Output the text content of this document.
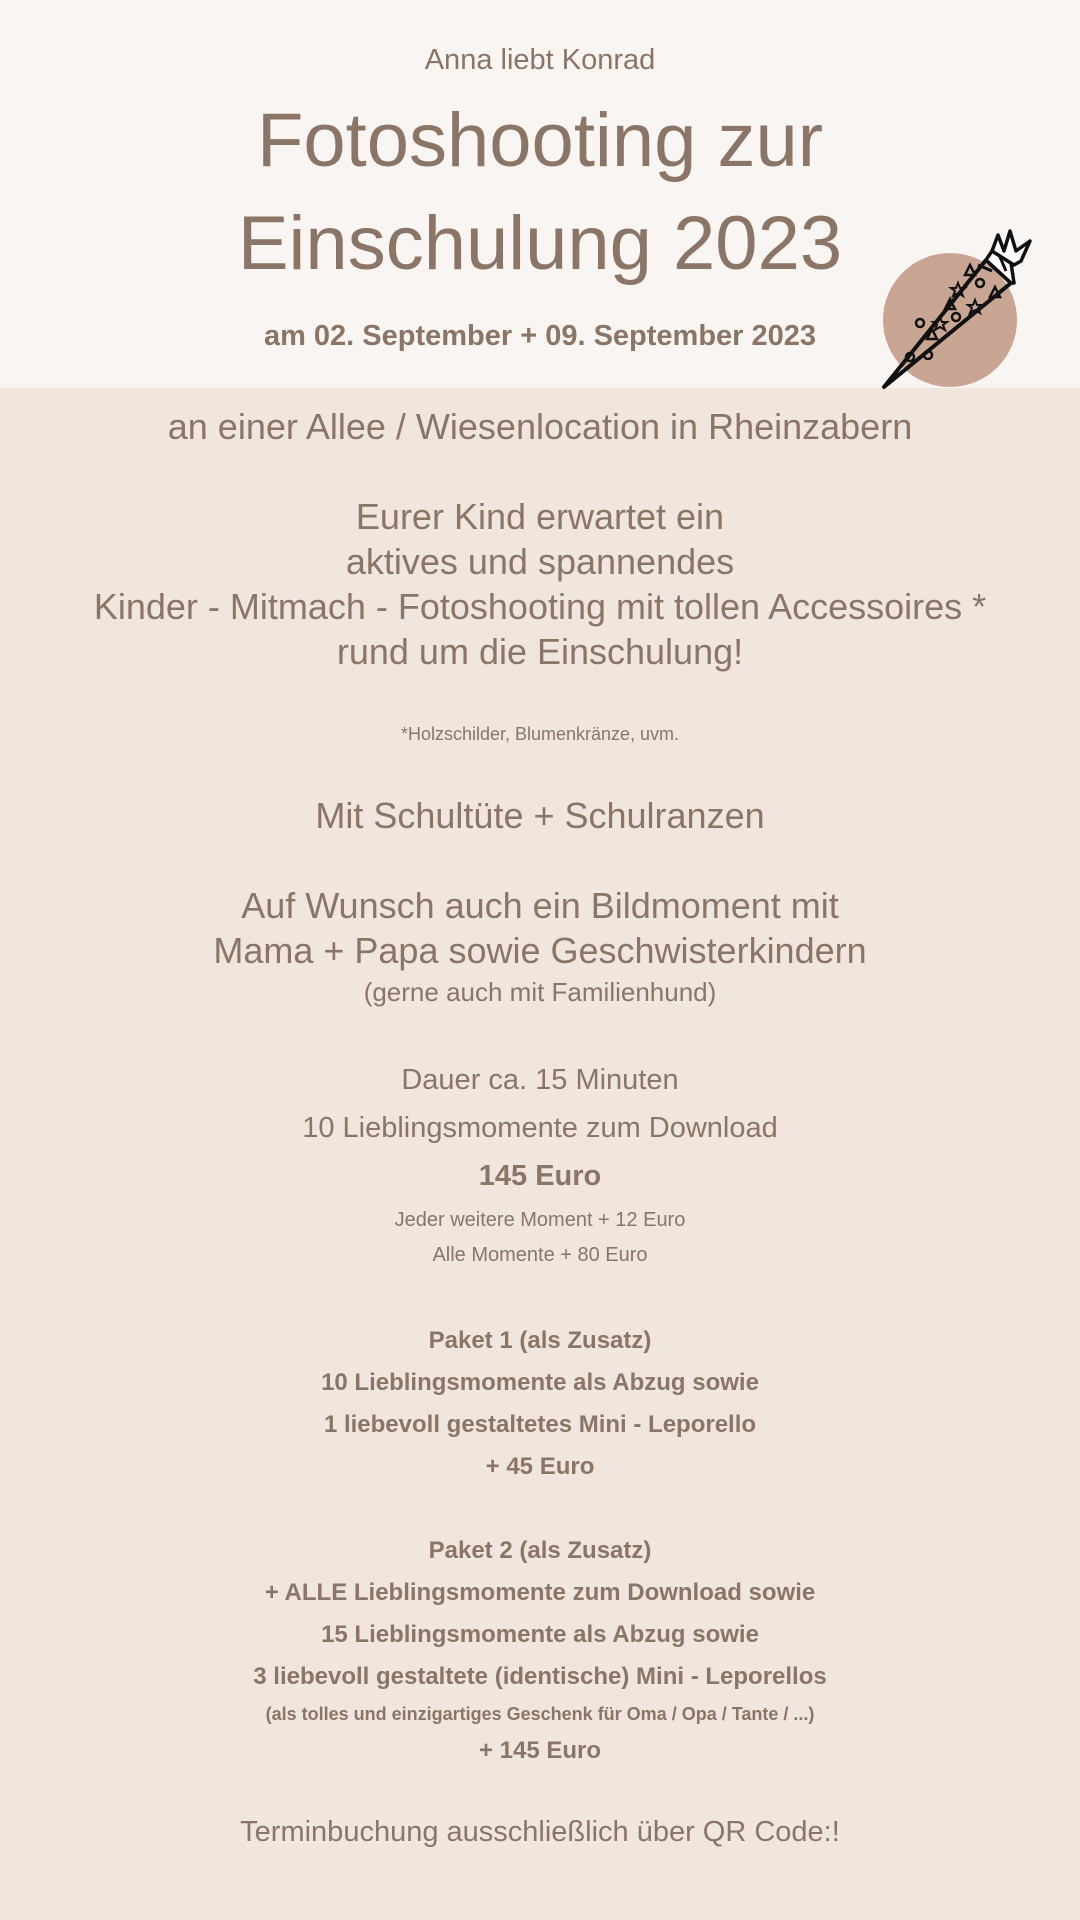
Anna liebt Konrad
Fotoshooting zur
Einschulung 2023
am 02. September + 09. September 2023
an einer Allee / Wiesenlocation in Rheinzabern
Eurer Kind erwartet ein
aktives und spannendes
Kinder - Mitmach - Fotoshooting mit tollen Accessoires *
rund um die Einschulung!
*Holzschilder, Blumenkränze, uvm.
Mit Schultüte + Schulranzen
Auf Wunsch auch ein Bildmoment mit
Mama + Papa sowie Geschwisterkindern
(gerne auch mit Familienhund)
Dauer ca. 15 Minuten
10 Lieblingsmomente zum Download
145 Euro
Jeder weitere Moment + 12 Euro
Alle Momente + 80 Euro
Paket 1 (als Zusatz)
10 Lieblingsmomente als Abzug sowie
1 liebevoll gestaltetes Mini - Leporello
+ 45 Euro
Paket 2 (als Zusatz)
+ ALLE Lieblingsmomente zum Download sowie
15 Lieblingsmomente als Abzug sowie
3 liebevoll gestaltete (identische) Mini - Leporellos
(als tolles und einzigartiges Geschenk für Oma / Opa / Tante / ...)
+ 145 Euro
Terminbuchung ausschließlich über QR Code:!
